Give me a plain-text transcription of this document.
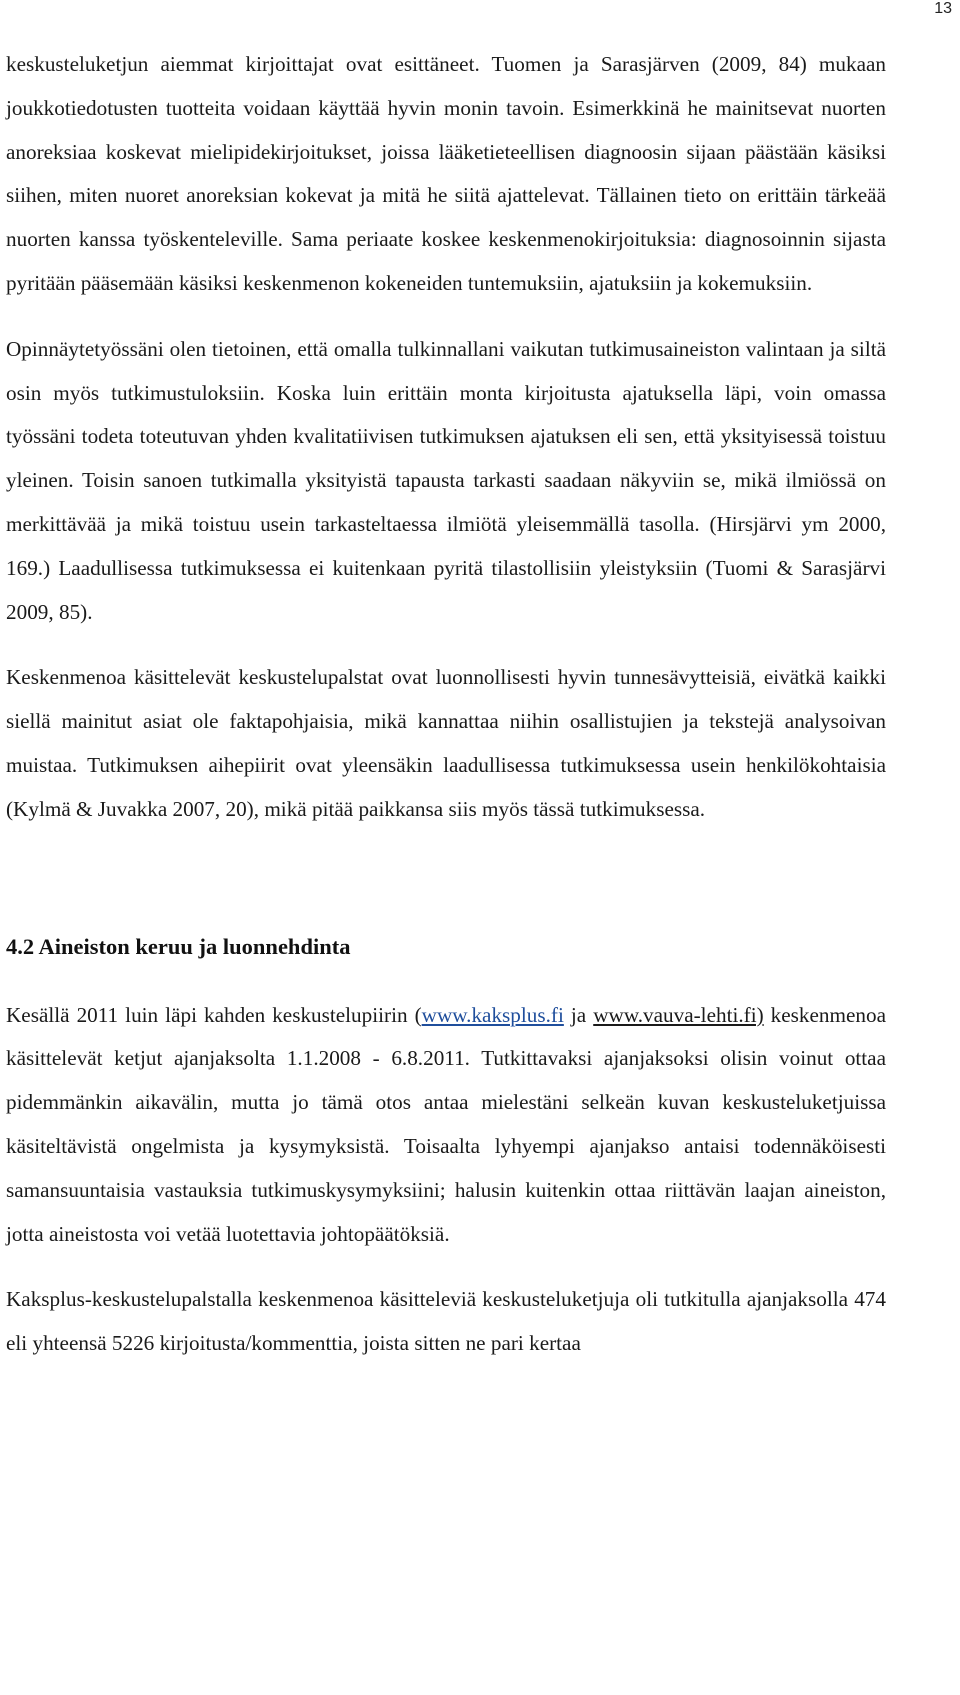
13

keskusteluketjun aiemmat kirjoittajat ovat esittäneet. Tuomen ja Sarasjärven (2009, 84) mukaan joukkotiedotusten tuotteita voidaan käyttää hyvin monin tavoin. Esimerkkinä he mainitsevat nuorten anoreksiaa koskevat mielipidekirjoitukset, joissa lääketieteellisen diagnoosin sijaan päästään käsiksi siihen, miten nuoret anoreksian kokevat ja mitä he siitä ajattelevat. Tällainen tieto on erittäin tärkeää nuorten kanssa työskenteleville. Sama periaate koskee keskenmenokirjoituksia: diagnosoinnin sijasta pyritään pääsemään käsiksi keskenmenon kokeneiden tuntemuksiin, ajatuksiin ja kokemuksiin.

Opinnäytetyössäni olen tietoinen, että omalla tulkinnallani vaikutan tutkimusaineiston valintaan ja siltä osin myös tutkimustuloksiin. Koska luin erittäin monta kirjoitusta ajatuksella läpi, voin omassa työssäni todeta toteutuvan yhden kvalitatiivisen tutkimuksen ajatuksen eli sen, että yksityisessä toistuu yleinen. Toisin sanoen tutkimalla yksityistä tapausta tarkasti saadaan näkyviin se, mikä ilmiössä on merkittävää ja mikä toistuu usein tarkasteltaessa ilmiötä yleisemmällä tasolla. (Hirsjärvi ym 2000, 169.) Laadullisessa tutkimuksessa ei kuitenkaan pyritä tilastollisiin yleistyksiin (Tuomi & Sarasjärvi 2009, 85).

Keskenmenoa käsittelevät keskustelupalstat ovat luonnollisesti hyvin tunnesävytteisiä, eivätkä kaikki siellä mainitut asiat ole faktapohjaisia, mikä kannattaa niihin osallistujien ja tekstejä analysoivan muistaa. Tutkimuksen aihepiirit ovat yleensäkin laadullisessa tutkimuksessa usein henkilökohtaisia (Kylmä & Juvakka 2007, 20), mikä pitää paikkansa siis myös tässä tutkimuksessa.

4.2 Aineiston keruu ja luonnehdinta

Kesällä 2011 luin läpi kahden keskustelupiirin (www.kaksplus.fi ja www.vauva-lehti.fi) keskenmenoa käsittelevät ketjut ajanjaksolta 1.1.2008 - 6.8.2011. Tutkittavaksi ajanjaksoksi olisin voinut ottaa pidemmänkin aikavälin, mutta jo tämä otos antaa mielestäni selkeän kuvan keskusteluketjuissa käsiteltävistä ongelmista ja kysymyksistä. Toisaalta lyhyempi ajanjakso antaisi todennäköisesti samansuuntaisia vastauksia tutkimuskysymyksiini; halusin kuitenkin ottaa riittävän laajan aineiston, jotta aineistosta voi vetää luotettavia johtopäätöksiä.

Kaksplus-keskustelupalstalla keskenmenoa käsitteleviä keskusteluketjuja oli tutkitulla ajanjaksolla 474 eli yhteensä 5226 kirjoitusta/kommenttia, joista sitten ne pari kertaa
